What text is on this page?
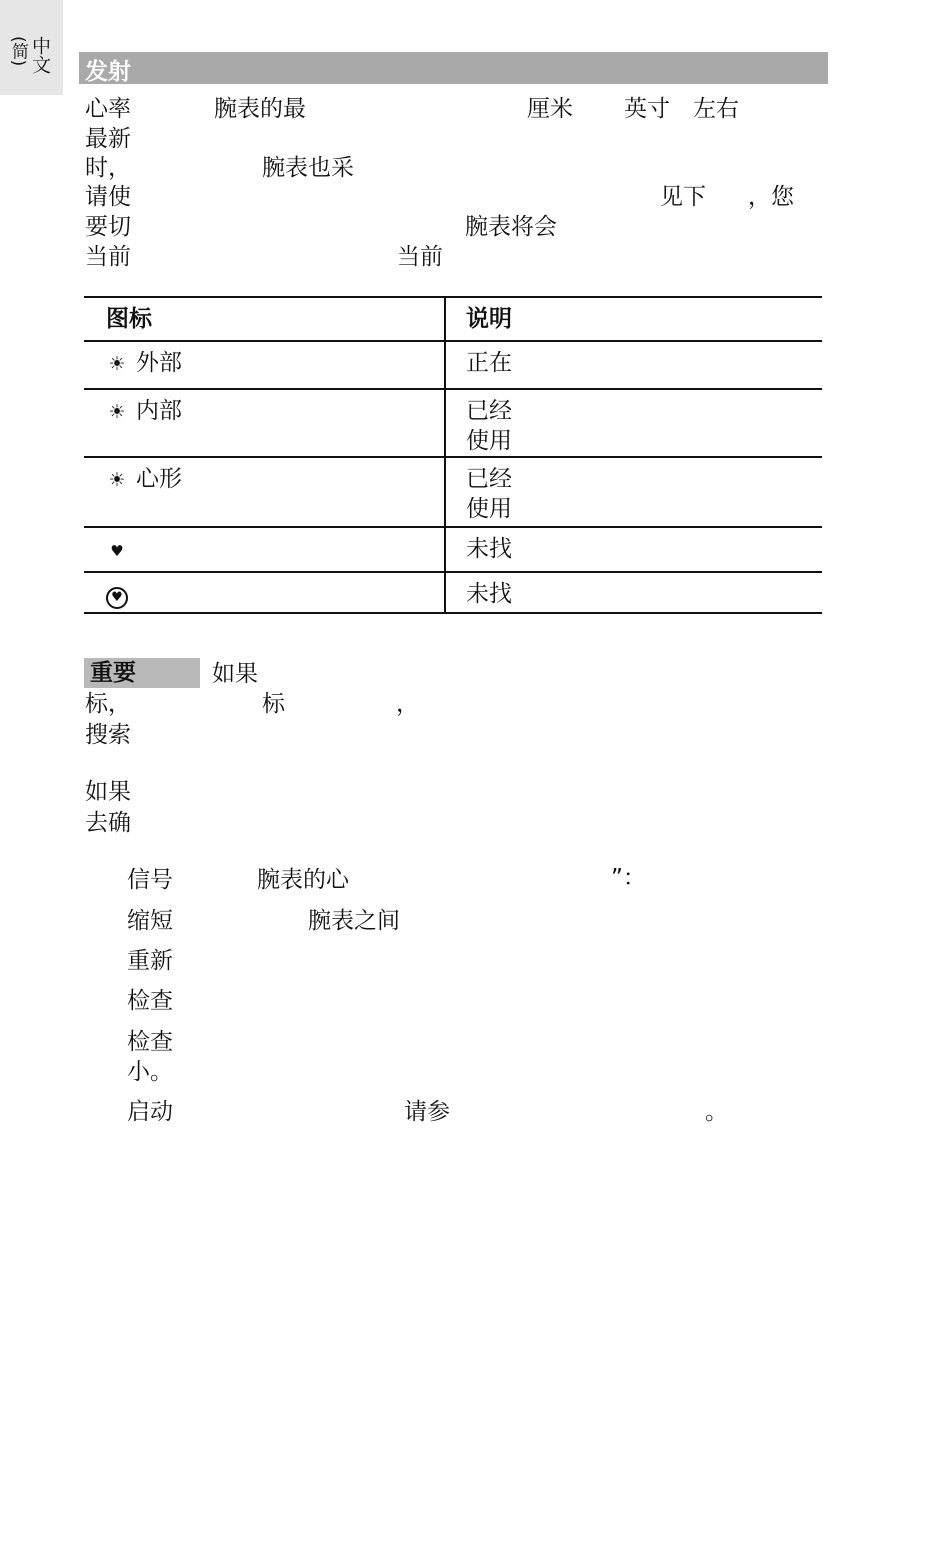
中文
(简)
发射
心率	腕表的最	厘米 英寸 左右
最新
时，	腕表也采
请使	见下 ，您
要切	腕表将会
当前	当前
图标	说明

☀ 外部	正在

☀ 内部	已经
使用

☀ 心形	已经
使用

♥	未找

♥	未找
重要	如果
标，	标	，
搜索
如果
去确
信号	腕表的心	”：
缩短	腕表之间
重新
检查
检查
小。
启动	请参	。
